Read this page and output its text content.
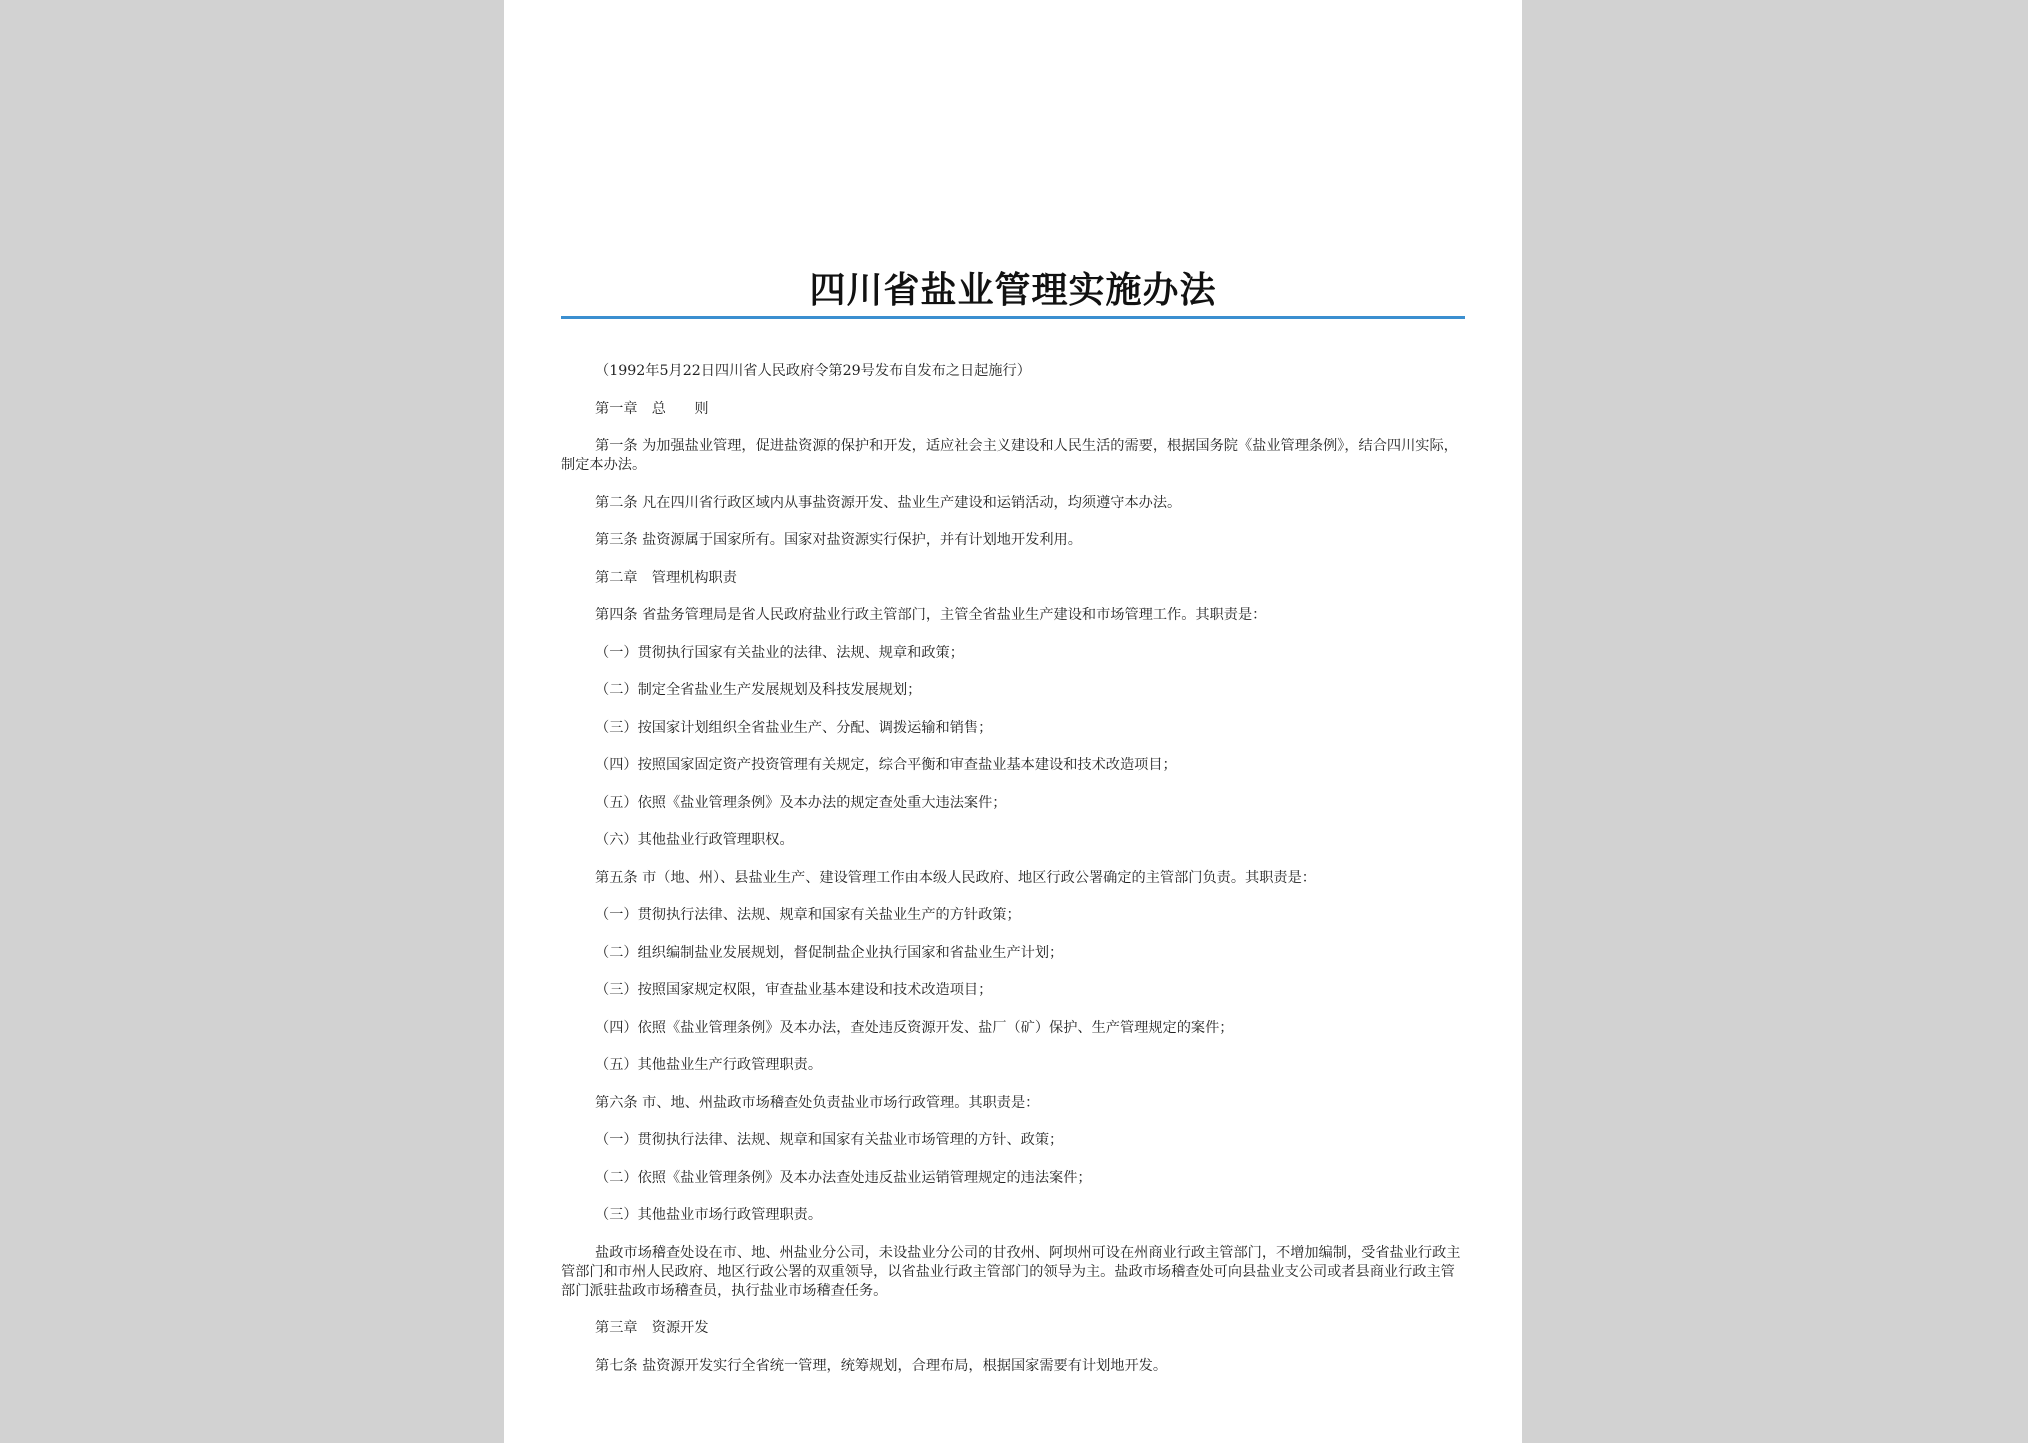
四川省盐业管理实施办法

（1992年5月22日四川省人民政府令第29号发布自发布之日起施行）

第一章　总　　则

第一条 为加强盐业管理，促进盐资源的保护和开发，适应社会主义建设和人民生活的需要，根据国务院《盐业管理条例》，结合四川实际，制定本办法。

第二条 凡在四川省行政区域内从事盐资源开发、盐业生产建设和运销活动，均须遵守本办法。

第三条 盐资源属于国家所有。国家对盐资源实行保护，并有计划地开发利用。

第二章　管理机构职责

第四条 省盐务管理局是省人民政府盐业行政主管部门，主管全省盐业生产建设和市场管理工作。其职责是：

（一）贯彻执行国家有关盐业的法律、法规、规章和政策；

（二）制定全省盐业生产发展规划及科技发展规划；

（三）按国家计划组织全省盐业生产、分配、调拨运输和销售；

（四）按照国家固定资产投资管理有关规定，综合平衡和审查盐业基本建设和技术改造项目；

（五）依照《盐业管理条例》及本办法的规定查处重大违法案件；

（六）其他盐业行政管理职权。

第五条 市（地、州）、县盐业生产、建设管理工作由本级人民政府、地区行政公署确定的主管部门负责。其职责是：

（一）贯彻执行法律、法规、规章和国家有关盐业生产的方针政策；

（二）组织编制盐业发展规划，督促制盐企业执行国家和省盐业生产计划；

（三）按照国家规定权限，审查盐业基本建设和技术改造项目；

（四）依照《盐业管理条例》及本办法，查处违反资源开发、盐厂（矿）保护、生产管理规定的案件；

（五）其他盐业生产行政管理职责。

第六条 市、地、州盐政市场稽查处负责盐业市场行政管理。其职责是：

（一）贯彻执行法律、法规、规章和国家有关盐业市场管理的方针、政策；

（二）依照《盐业管理条例》及本办法查处违反盐业运销管理规定的违法案件；

（三）其他盐业市场行政管理职责。

盐政市场稽查处设在市、地、州盐业分公司，未设盐业分公司的甘孜州、阿坝州可设在州商业行政主管部门，不增加编制，受省盐业行政主管部门和市州人民政府、地区行政公署的双重领导，以省盐业行政主管部门的领导为主。盐政市场稽查处可向县盐业支公司或者县商业行政主管部门派驻盐政市场稽查员，执行盐业市场稽查任务。

第三章　资源开发

第七条 盐资源开发实行全省统一管理，统筹规划，合理布局，根据国家需要有计划地开发。
